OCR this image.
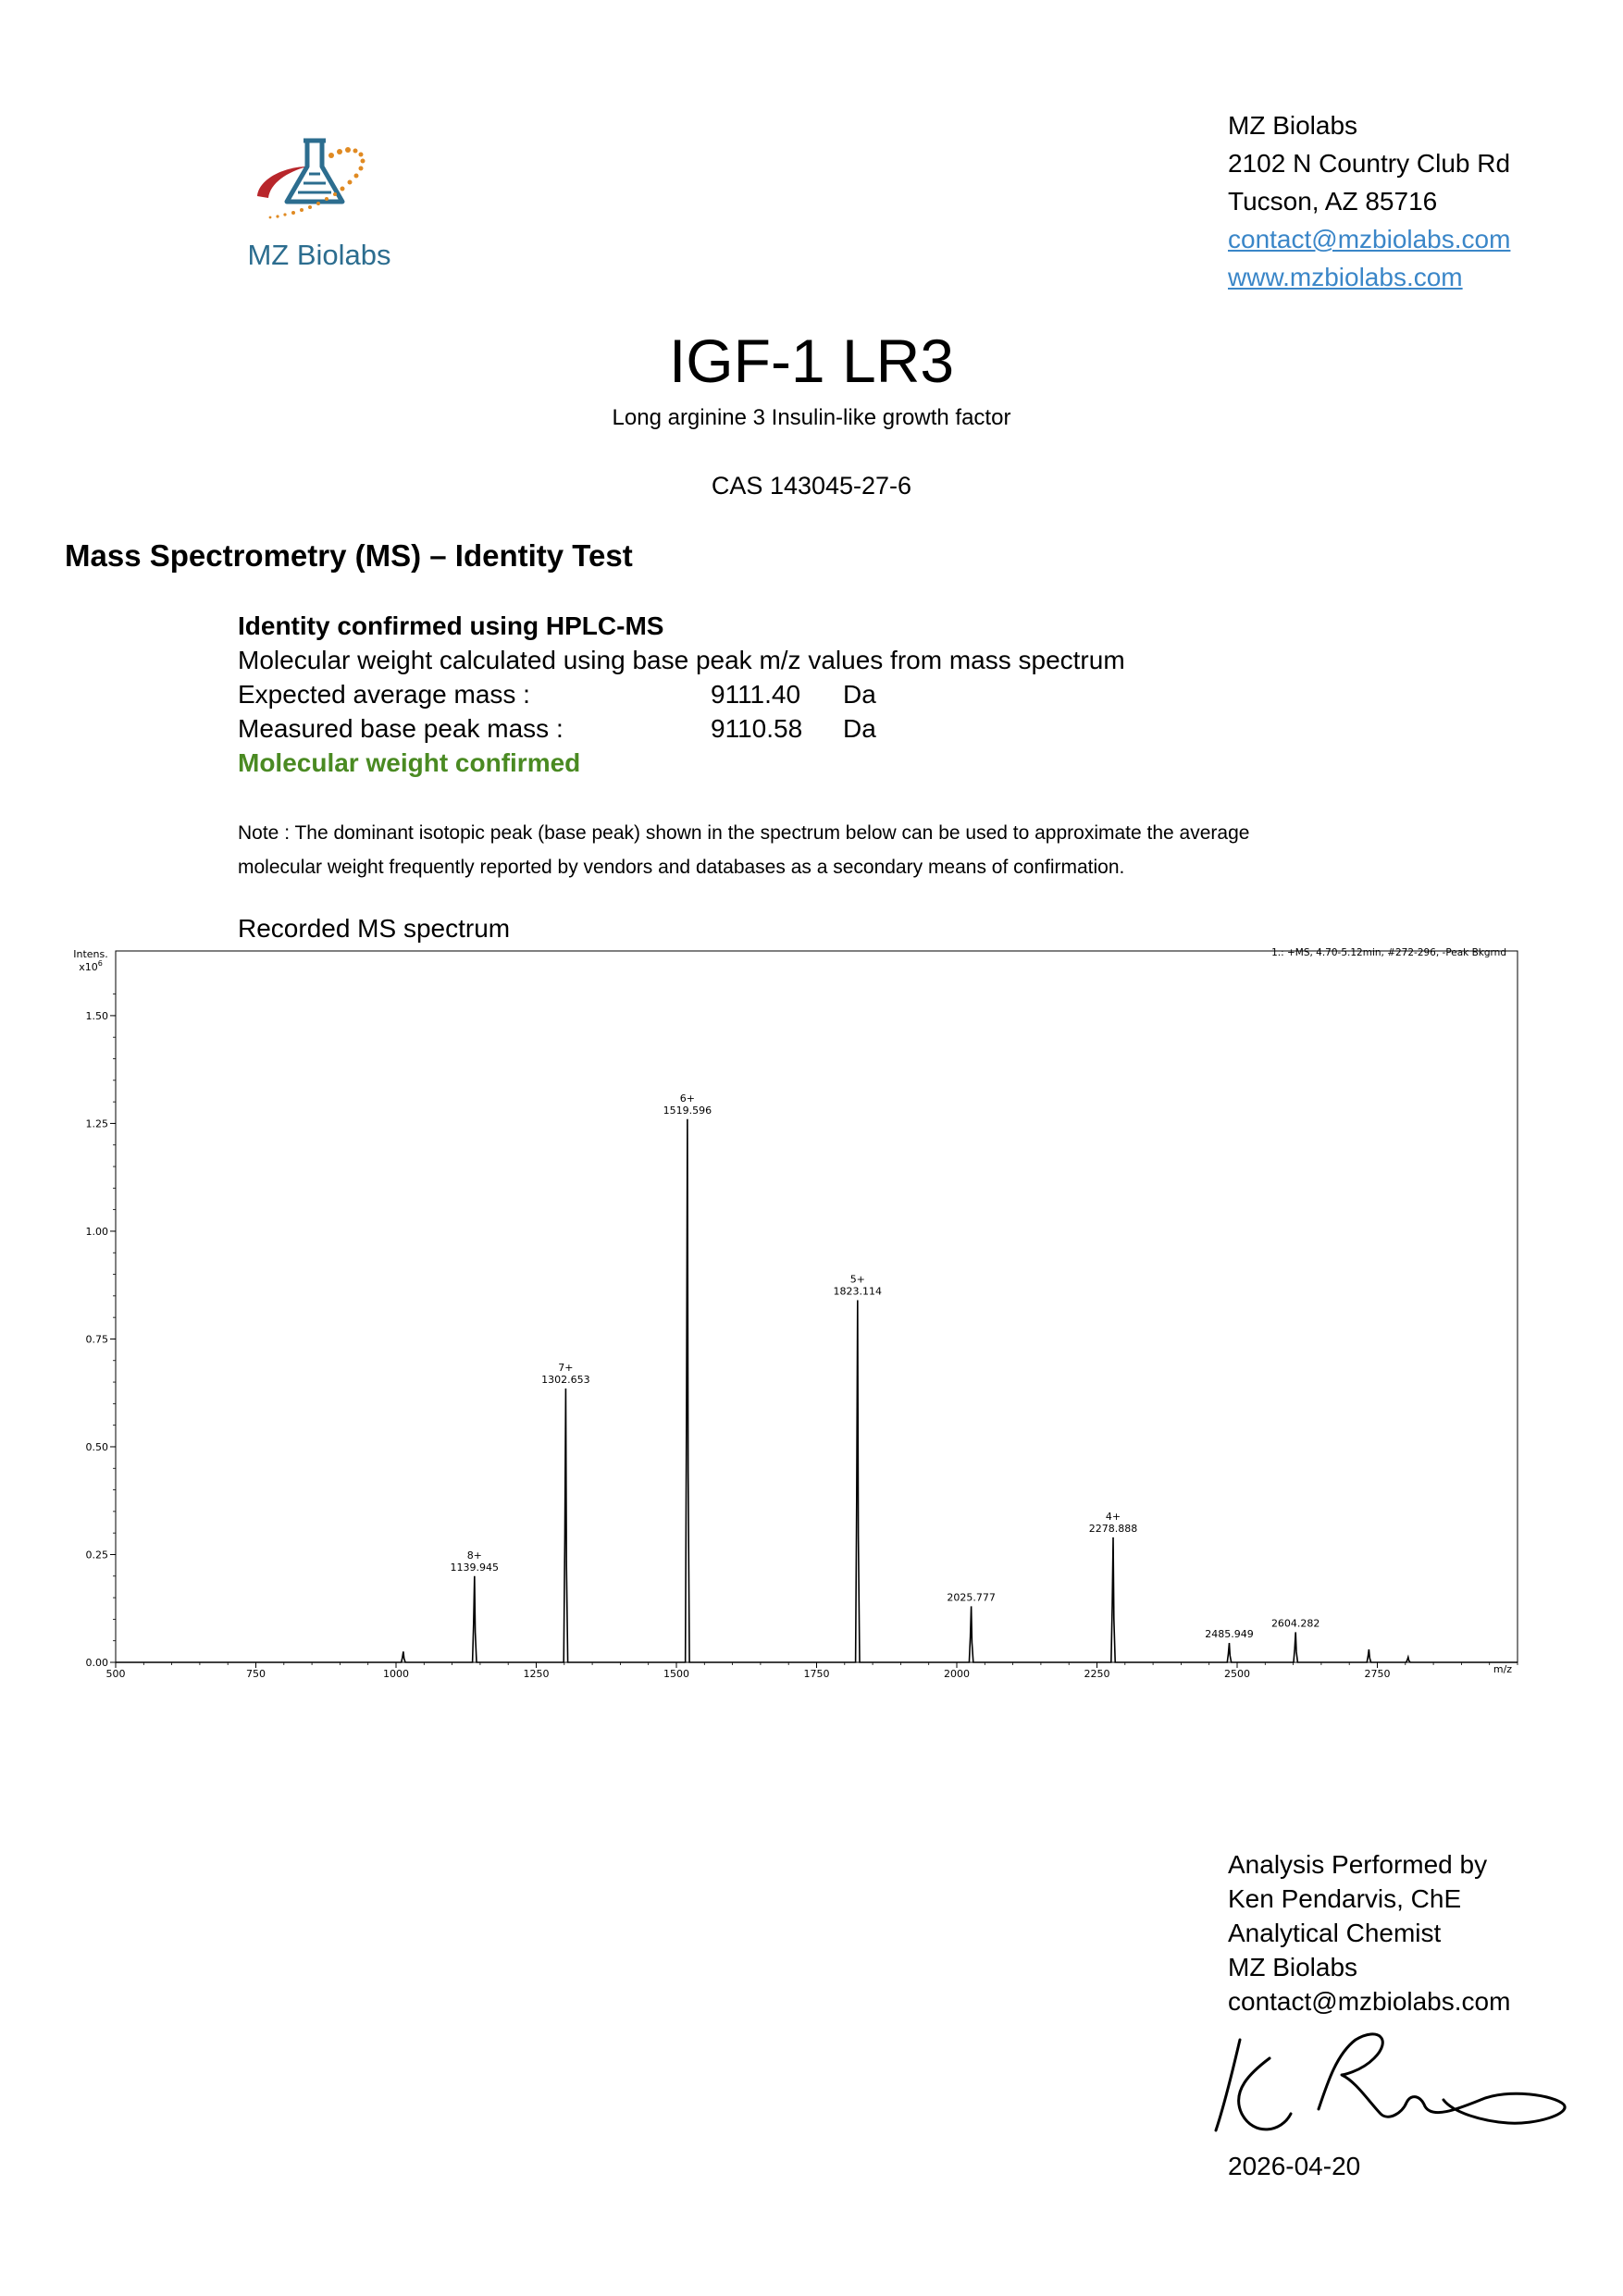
MZ Biolabs
MZ Biolabs
2102 N Country Club Rd
Tucson, AZ 85716
contact@mzbiolabs.com
www.mzbiolabs.com
IGF-1 LR3
Long arginine 3 Insulin-like growth factor
CAS 143045-27-6
Mass Spectrometry (MS) – Identity Test
Identity confirmed using HPLC-MS
Molecular weight calculated using base peak m/z values from mass spectrum
Expected average mass :	9111.40 Da
Measured base peak mass :	9110.58 Da
Molecular weight confirmed
Note : The dominant isotopic peak (base peak) shown in the spectrum below can be used to approximate the average
molecular weight frequently reported by vendors and databases as a secondary means of confirmation.
Recorded MS spectrum
Intens.
$x10^6$
1.: +MS, 4.70-5.12min, #272-296, -Peak Bkgrnd
m/z
500	750	1000	1250	1500	1750	2000	2250	2500	2750
0.00
0.25
0.50
0.75
1.00
1.25
1.50
8+
1139.945
7+
1302.653
6+
1519.596
5+
1823.114
2025.777
4+
2278.888
2485.949
2604.282
Analysis Performed by
Ken Pendarvis, ChE
Analytical Chemist
MZ Biolabs
contact@mzbiolabs.com
2026-04-20
